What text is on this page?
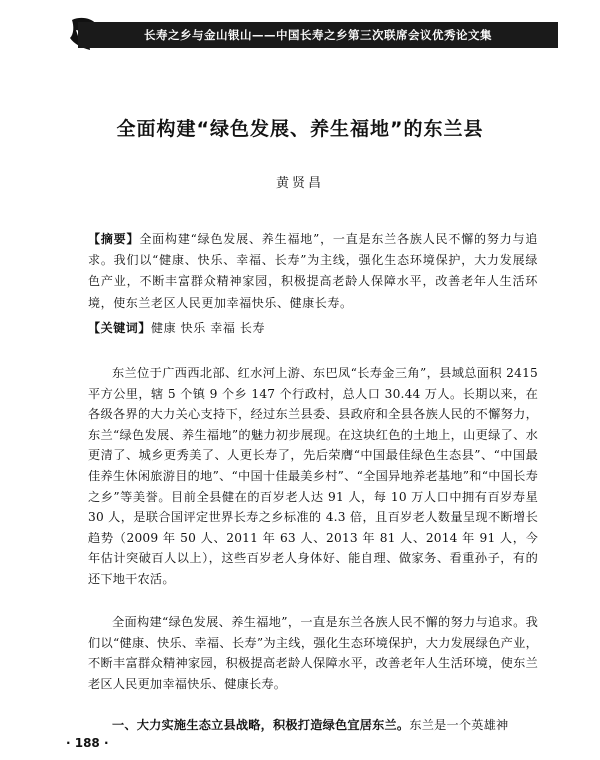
长寿之乡与金山银山——中国长寿之乡第三次联席会议优秀论文集
全面构建“绿色发展、养生福地”的东兰县
黄贤昌
【摘要】全面构建“绿色发展、养生福地”，一直是东兰各族人民不懈的努力与追求。我们以“健康、快乐、幸福、长寿”为主线，强化生态环境保护，大力发展绿色产业，不断丰富群众精神家园，积极提高老龄人保障水平，改善老年人生活环境，使东兰老区人民更加幸福快乐、健康长寿。
【关键词】健康 快乐 幸福 长寿

东兰位于广西西北部、红水河上游、东巴凤“长寿金三角”，县域总面积 2415 平方公里，辖 5 个镇 9 个乡 147 个行政村，总人口 30.44 万人。长期以来，在各级各界的大力关心支持下，经过东兰县委、县政府和全县各族人民的不懈努力，东兰“绿色发展、养生福地”的魅力初步展现。在这块红色的土地上，山更绿了、水更清了、城乡更秀美了、人更长寿了，先后荣膺“中国最佳绿色生态县”、“中国最佳养生休闲旅游目的地”、“中国十佳最美乡村”、“全国异地养老基地”和“中国长寿之乡”等美誉。目前全县健在的百岁老人达 91 人，每 10 万人口中拥有百岁寿星 30 人，是联合国评定世界长寿之乡标准的 4.3 倍，且百岁老人数量呈现不断增长趋势（2009 年 50 人、2011 年 63 人、2013 年 81 人、2014 年 91 人，今年估计突破百人以上），这些百岁老人身体好、能自理、做家务、看重孙子，有的还下地干农活。

全面构建“绿色发展、养生福地”，一直是东兰各族人民不懈的努力与追求。我们以“健康、快乐、幸福、长寿”为主线，强化生态环境保护，大力发展绿色产业，不断丰富群众精神家园，积极提高老龄人保障水平，改善老年人生活环境，使东兰老区人民更加幸福快乐、健康长寿。

一、大力实施生态立县战略，积极打造绿色宜居东兰。东兰是一个英雄神

· 188 ·
